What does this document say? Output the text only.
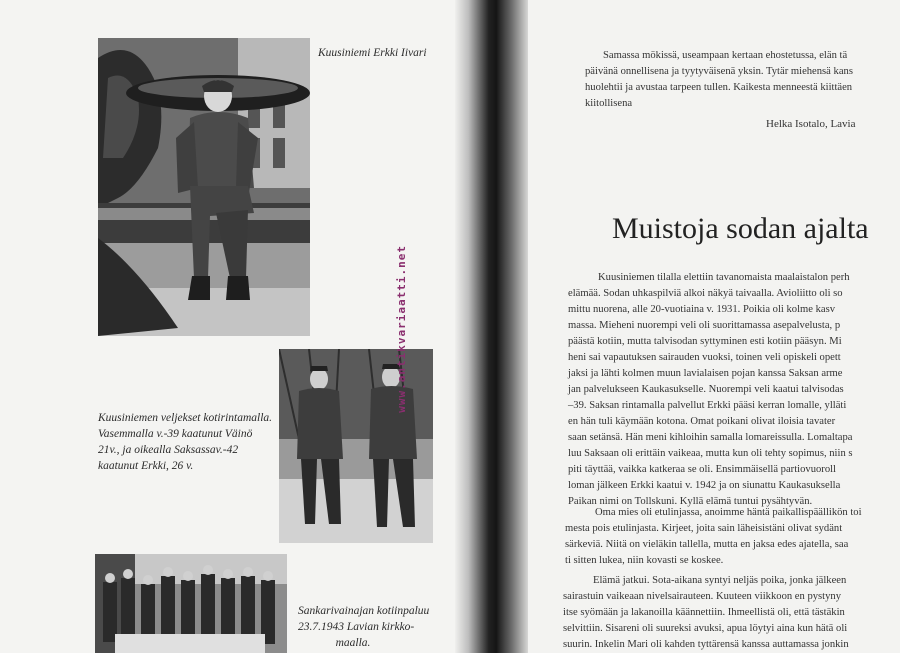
Kuusiniemi Erkki Iivari
Kuusiniemen veljekset kotirintamalla.
Vasemmalla v.-39 kaatunut Väinö
21v., ja oikealla Saksassav.-42
kaatunut Erkki, 26 v.
Sankarivainajan kotiinpaluu
23.7.1943 Lavian kirkko-
maalla.
www.antikvariaatti.net

Samassa mökissä, useampaan kertaan ehostetussa, elän tä

päivänä onnellisena ja tyytyväisenä yksin. Tytär miehensä kans

huolehtii ja avustaa tarpeen tullen. Kaikesta menneestä kiittäen

kiitollisena

Helka Isotalo, Lavia
Muistoja sodan ajalta

Kuusiniemen tilalla elettiin tavanomaista maalaistalon perh

elämää. Sodan uhkaspilviä alkoi näkyä taivaalla. Avioliitto oli so

mittu nuorena, alle 20-vuotiaina v. 1931. Poikia oli kolme kasv

massa. Mieheni nuorempi veli oli suorittamassa asepalvelusta, p

päästä kotiin, mutta talvisodan syttyminen esti kotiin pääsyn. Mi

heni sai vapautuksen sairauden vuoksi, toinen veli opiskeli opett

jaksi ja lähti kolmen muun lavialaisen pojan kanssa Saksan arme

jan palvelukseen Kaukasukselle. Nuorempi veli kaatui talvisodas

–39. Saksan rintamalla palvellut Erkki pääsi kerran lomalle, ylläti

en hän tuli käymään kotona. Omat poikani olivat iloisia tavater

saan setänsä. Hän meni kihloihin samalla lomareissulla. Lomaltapa

luu Saksaan oli erittäin vaikeaa, mutta kun oli tehty sopimus, niin s

piti täyttää, vaikka katkeraa se oli. Ensimmäisellä partiovuoroll

loman jälkeen Erkki kaatui v. 1942 ja on siunattu Kaukasuksella

Paikan nimi on Tollskuni. Kyllä elämä tuntui pysähtyvän.

Oma mies oli etulinjassa, anoimme häntä paikallispäällikön toi

mesta pois etulinjasta. Kirjeet, joita sain läheisistäni olivat sydänt

särkeviä. Niitä on vieläkin tallella, mutta en jaksa edes ajatella, saa

ti sitten lukea, niin kovasti se koskee.

Elämä jatkui. Sota-aikana syntyi neljäs poika, jonka jälkeen

sairastuin vaikeaan nivelsairauteen. Kuuteen viikkoon en pystyny

itse syömään ja lakanoilla käännettiin. Ihmeellistä oli, että tästäkin

selvittiin. Sisareni oli suureksi avuksi, apua löytyi aina kun hätä oli

suurin. Inkelin Mari oli kahden tyttärensä kanssa auttamassa jonkin
